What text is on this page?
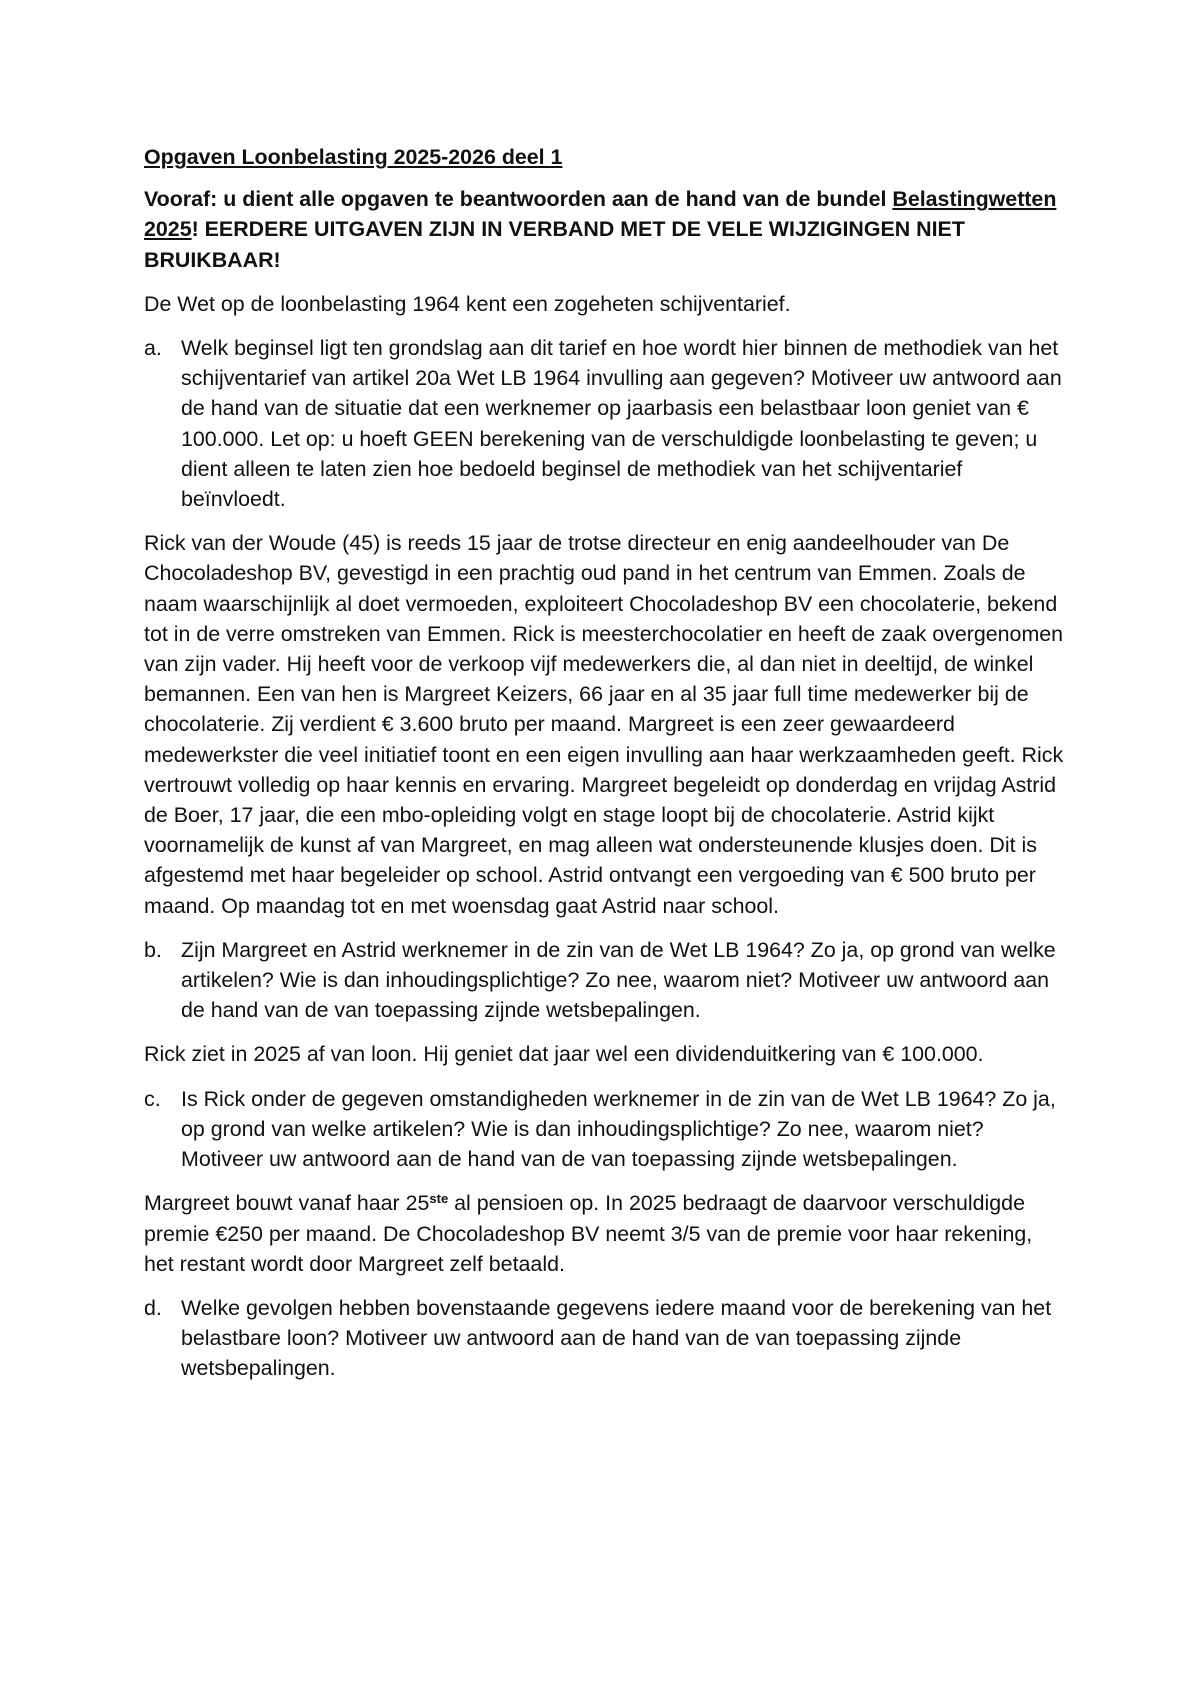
Opgaven Loonbelasting 2025-2026 deel 1
Vooraf: u dient alle opgaven te beantwoorden aan de hand van de bundel Belastingwetten 2025! EERDERE UITGAVEN ZIJN IN VERBAND MET DE VELE WIJZIGINGEN NIET BRUIKBAAR!
De Wet op de loonbelasting 1964 kent een zogeheten schijventarief.
a. Welk beginsel ligt ten grondslag aan dit tarief en hoe wordt hier binnen de methodiek van het schijventarief van artikel 20a Wet LB 1964 invulling aan gegeven? Motiveer uw antwoord aan de hand van de situatie dat een werknemer op jaarbasis een belastbaar loon geniet van € 100.000. Let op: u hoeft GEEN berekening van de verschuldigde loonbelasting te geven; u dient alleen te laten zien hoe bedoeld beginsel de methodiek van het schijventarief beïnvloedt.
Rick van der Woude (45) is reeds 15 jaar de trotse directeur en enig aandeelhouder van De Chocoladeshop BV, gevestigd in een prachtig oud pand in het centrum van Emmen. Zoals de naam waarschijnlijk al doet vermoeden, exploiteert Chocoladeshop BV een chocolaterie, bekend tot in de verre omstreken van Emmen. Rick is meesterchocolatier en heeft de zaak overgenomen van zijn vader. Hij heeft voor de verkoop vijf medewerkers die, al dan niet in deeltijd, de winkel bemannen. Een van hen is Margreet Keizers, 66 jaar en al 35 jaar full time medewerker bij de chocolaterie. Zij verdient € 3.600 bruto per maand. Margreet is een zeer gewaardeerd medewerkster die veel initiatief toont en een eigen invulling aan haar werkzaamheden geeft. Rick vertrouwt volledig op haar kennis en ervaring. Margreet begeleidt op donderdag en vrijdag Astrid de Boer, 17 jaar, die een mbo-opleiding volgt en stage loopt bij de chocolaterie. Astrid kijkt voornamelijk de kunst af van Margreet, en mag alleen wat ondersteunende klusjes doen. Dit is afgestemd met haar begeleider op school. Astrid ontvangt een vergoeding van € 500 bruto per maand. Op maandag tot en met woensdag gaat Astrid naar school.
b. Zijn Margreet en Astrid werknemer in de zin van de Wet LB 1964? Zo ja, op grond van welke artikelen? Wie is dan inhoudingsplichtige? Zo nee, waarom niet? Motiveer uw antwoord aan de hand van de van toepassing zijnde wetsbepalingen.
Rick ziet in 2025 af van loon. Hij geniet dat jaar wel een dividenduitkering van € 100.000.
c. Is Rick onder de gegeven omstandigheden werknemer in de zin van de Wet LB 1964? Zo ja, op grond van welke artikelen? Wie is dan inhoudingsplichtige? Zo nee, waarom niet? Motiveer uw antwoord aan de hand van de van toepassing zijnde wetsbepalingen.
Margreet bouwt vanaf haar 25ste al pensioen op. In 2025 bedraagt de daarvoor verschuldigde premie €250 per maand. De Chocoladeshop BV neemt 3/5 van de premie voor haar rekening, het restant wordt door Margreet zelf betaald.
d. Welke gevolgen hebben bovenstaande gegevens iedere maand voor de berekening van het belastbare loon? Motiveer uw antwoord aan de hand van de van toepassing zijnde wetsbepalingen.
